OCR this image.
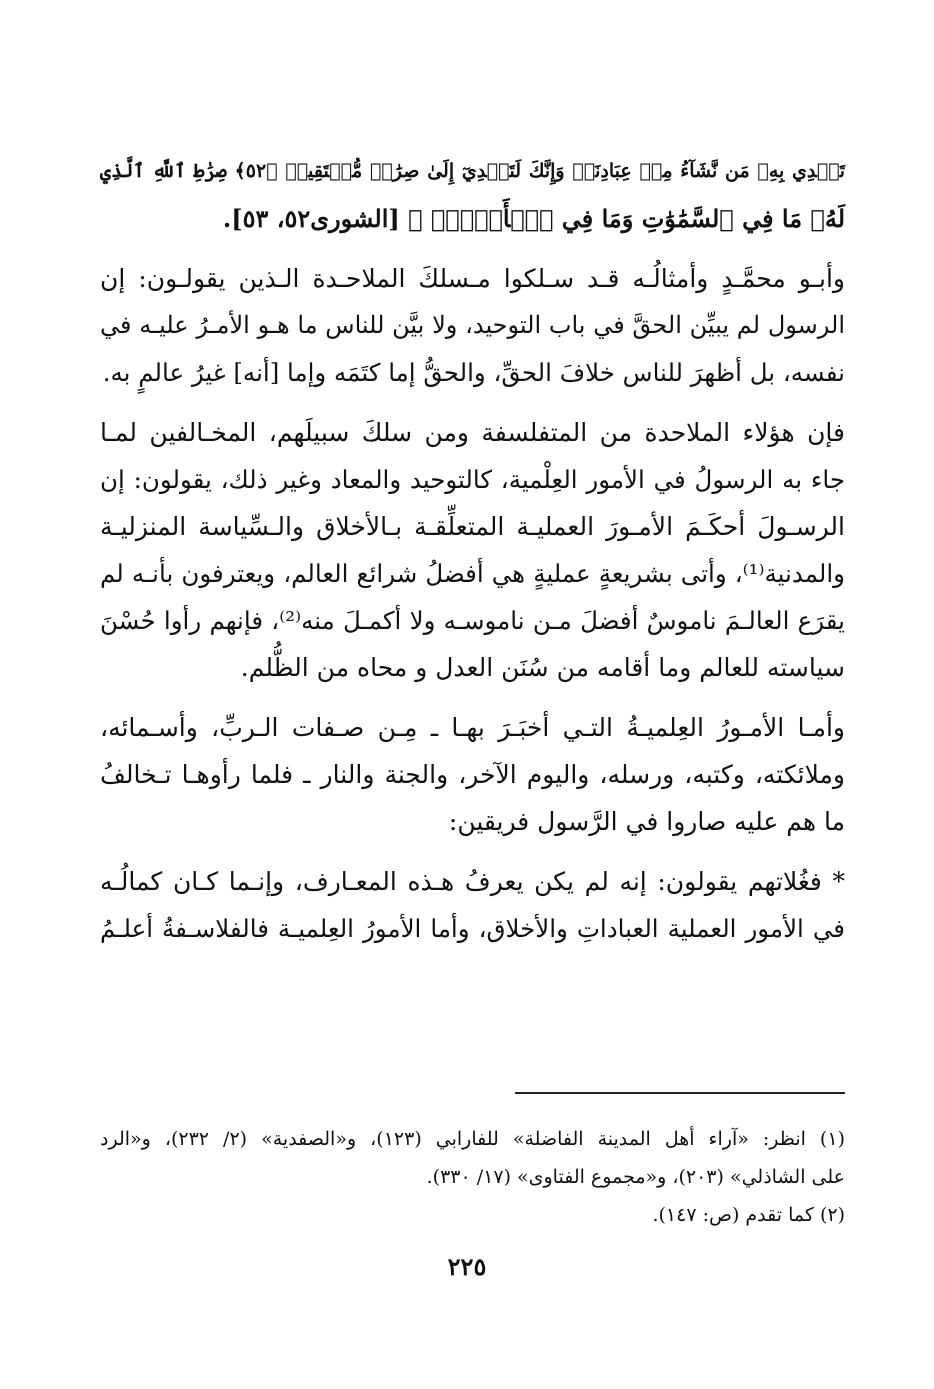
تَهۡدِي بِهِۦ مَن نَّشَآءُ مِنۡ عِبَادِنَاۚ وَإِنَّكَ لَتَهۡدِيٓ إِلَىٰ صِرَٰطٖ مُّسۡتَقِيمٖ ﴿٥٢﴾ صِرَٰطِ ٱللَّهِ ٱلَّذِي
لَهُۥ مَا فِي ٱلسَّمَٰوَٰتِ وَمَا فِي ٱلۡأَرۡضِۗ ﴾ [الشورى٥٢، ٥٣].
وأبـو محمَّـدٍ وأمثالُـه قـد سـلكوا مـسلكَ الملاحـدة الـذين يقولـون: إن
الرسول لم يبيِّن الحقَّ في باب التوحيد، ولا بيَّن للناس ما هـو الأمـرُ عليـه في
نفسه، بل أظهرَ للناس خلافَ الحقِّ، والحقُّ إما كتَمَه وإما [أنه] غيرُ عالمٍ به.
فإن هؤلاء الملاحدة من المتفلسفة ومن سلكَ سبيلَهم، المخـالفين لمـا
جاء به الرسولُ في الأمور العِلْمية، كالتوحيد والمعاد وغير ذلك، يقولون: إن
الرسـولَ أحكَـمَ الأمـورَ العمليـة المتعلِّقـة بـالأخلاق والـسِّياسة المنزليـة
والمدنية⁽¹⁾، وأتى بشريعةٍ عمليةٍ هي أفضلُ شرائع العالم، ويعترفون بأنـه لم
يقرَع العالـمَ ناموسٌ أفضلَ مـن ناموسـه ولا أكمـلَ منه⁽²⁾، فإنهم رأوا حُسْنَ
سياسته للعالم وما أقامه من سُنَن العدل و محاه من الظُّلم.
وأمـا الأمـورُ العِلميـةُ التـي أخبَـرَ بهـا ـ مِـن صـفات الـربِّ، وأسـمائه،
وملائكته، وكتبه، ورسله، واليوم الآخر، والجنة والنار ـ فلما رأوهـا تـخالفُ
ما هم عليه صاروا في الرَّسول فريقين:
* فغُلاتهم يقولون: إنه لم يكن يعرفُ هـذه المعـارف، وإنـما كـان كمالُـه
في الأمور العملية العباداتِ والأخلاق، وأما الأمورُ العِلميـة فالفلاسـفةُ أعلـمُ
(١) انظر: «آراء أهل المدينة الفاضلة» للفارابي (١٢٣)، و«الصفدية» (٢/ ٢٣٢)، و«الرد
على الشاذلي» (٢٠٣)، و«مجموع الفتاوى» (١٧/ ٣٣٠).
(٢) كما تقدم (ص: ١٤٧).
٢٢٥
